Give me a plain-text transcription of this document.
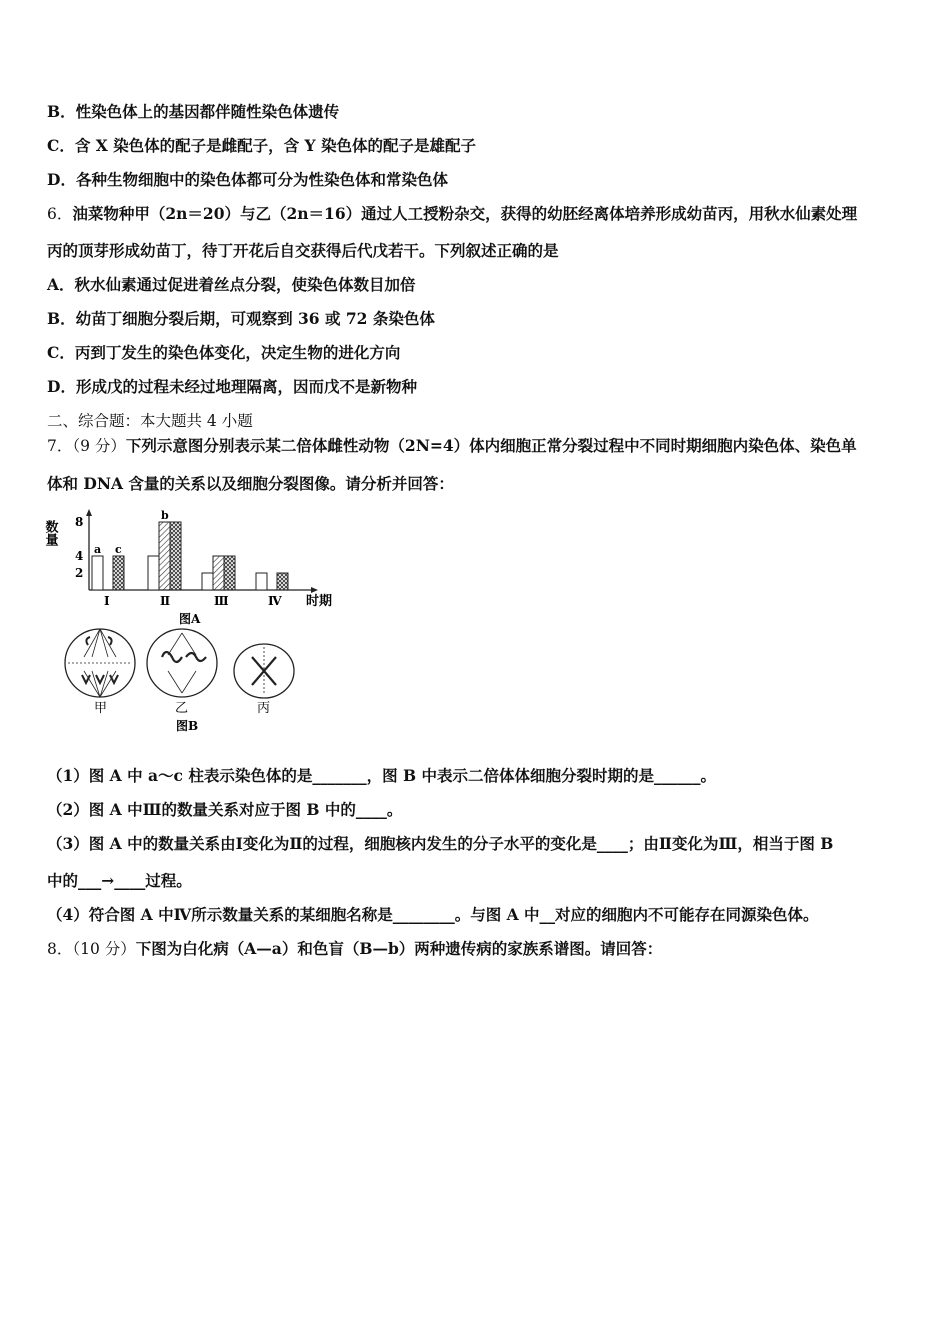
B．性染色体上的基因都伴随性染色体遗传
C．含 X 染色体的配子是雌配子，含 Y 染色体的配子是雄配子
D．各种生物细胞中的染色体都可分为性染色体和常染色体
6．油菜物种甲（2n＝20）与乙（2n＝16）通过人工授粉杂交，获得的幼胚经离体培养形成幼苗丙，用秋水仙素处理
丙的顶芽形成幼苗丁，待丁开花后自交获得后代戊若干。下列叙述正确的是
A．秋水仙素通过促进着丝点分裂，使染色体数目加倍
B．幼苗丁细胞分裂后期，可观察到 36 或 72 条染色体
C．丙到丁发生的染色体变化，决定生物的进化方向
D．形成戊的过程未经过地理隔离，因而戊不是新物种
二、综合题：本大题共 4 小题
7．（9 分）下列示意图分别表示某二倍体雌性动物（2N=4）体内细胞正常分裂过程中不同时期细胞内染色体、染色单
体和 DNA 含量的关系以及细胞分裂图像。请分析并回答：
数量
2
4
8
a c
b
Ⅰ	Ⅱ	Ⅲ	Ⅳ 时期
图A
甲	乙	丙
图B
（1）图 A 中 a～c 柱表示染色体的是_______，图 B 中表示二倍体体细胞分裂时期的是______。
（2）图 A 中Ⅲ的数量关系对应于图 B 中的____。
（3）图 A 中的数量关系由Ⅰ变化为Ⅱ的过程，细胞核内发生的分子水平的变化是____；由Ⅱ变化为Ⅲ，相当于图 B
中的___→____过程。
（4）符合图 A 中Ⅳ所示数量关系的某细胞名称是________。与图 A 中__对应的细胞内不可能存在同源染色体。
8．（10 分）下图为白化病（A—a）和色盲（B—b）两种遗传病的家族系谱图。请回答：
